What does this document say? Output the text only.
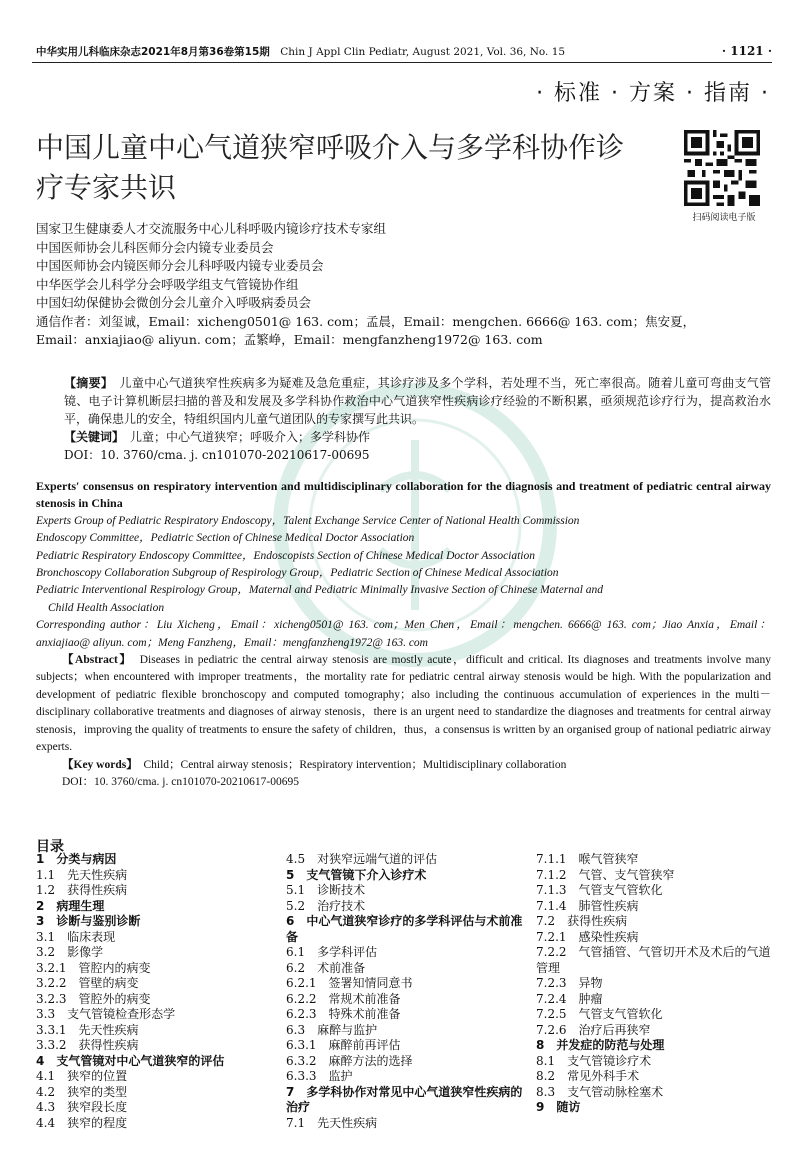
中华实用儿科临床杂志2021年8月第36卷第15期　 Chin J Appl Clin Pediatr, August 2021, Vol. 36, No. 15	· 1121 ·
· 标准 · 方案 · 指南 ·
中国儿童中心气道狭窄呼吸介入与多学科协作诊疗专家共识
扫码阅读电子版
国家卫生健康委人才交流服务中心儿科呼吸内镜诊疗技术专家组
中国医师协会儿科医师分会内镜专业委员会
中国医师协会内镜医师分会儿科呼吸内镜专业委员会
中华医学会儿科学分会呼吸学组支气管镜协作组
中国妇幼保健协会微创分会儿童介入呼吸病委员会
通信作者：刘玺诚，Email：xicheng0501@ 163. com；孟晨，Email：mengchen. 6666@ 163. com；焦安夏，
Email：anxiajiao@ aliyun. com；孟繁峥，Email：mengfanzheng1972@ 163. com
【摘要】　 儿童中心气道狭窄性疾病多为疑难及急危重症，其诊疗涉及多个学科，若处理不当，死亡率很高。随着儿童可弯曲支气管镜、电子计算机断层扫描的普及和发展及多学科协作救治中心气道狭窄性疾病诊疗经验的不断积累，亟须规范诊疗行为，提高救治水平，确保患儿的安全，特组织国内儿童气道团队的专家撰写此共识。
【关键词】　 儿童；中心气道狭窄；呼吸介入；多学科协作
DOI：10. 3760/cma. j. cn101070-20210617-00695
Experts′ consensus on respiratory intervention and multidisciplinary collaboration for the diagnosis and treatment of pediatric central airway stenosis in China
Experts Group of Pediatric Respiratory Endoscopy，Talent Exchange Service Center of National Health Commission
Endoscopy Committee，Pediatric Section of Chinese Medical Doctor Association
Pediatric Respiratory Endoscopy Committee，Endoscopists Section of Chinese Medical Doctor Association
Bronchoscopy Collaboration Subgroup of Respirology Group，Pediatric Section of Chinese Medical Association
Pediatric Interventional Respirology Group，Maternal and Pediatric Minimally Invasive Section of Chinese Maternal and
Child Health Association
Corresponding author：Liu Xicheng，Email：xicheng0501@ 163. com；Men Chen，Email：mengchen. 6666@ 163. com；Jiao Anxia，Email：anxiajiao@ aliyun. com；Meng Fanzheng，Email：mengfanzheng1972@ 163. com
【Abstract】　 Diseases in pediatric the central airway stenosis are mostly acute，difficult and critical. Its diagnoses and treatments involve many subjects；when encountered with improper treatments，the mortality rate for pediatric central airway stenosis would be high. With the popularization and development of pediatric flexible bronchoscopy and computed tomography；also including the continuous accumulation of experiences in the multi－disciplinary collaborative treatments and diagnoses of airway stenosis，there is an urgent need to standardize the diagnoses and treatments for central airway stenosis，improving the quality of treatments to ensure the safety of children，thus，a consensus is written by an organised group of national pediatric airway experts.
【Key words】　 Child；Central airway stenosis；Respiratory intervention；Multidisciplinary collaboration
DOI：10. 3760/cma. j. cn101070-20210617-00695
目录
1　分类与病因
1.1　先天性疾病
1.2　获得性疾病
2　病理生理
3　诊断与鉴别诊断
3.1　临床表现
3.2　影像学
3.2.1　管腔内的病变
3.2.2　管壁的病变
3.2.3　管腔外的病变
3.3　支气管镜检查形态学
3.3.1　先天性疾病
3.3.2　获得性疾病
4　支气管镜对中心气道狭窄的评估
4.1　狭窄的位置
4.2　狭窄的类型
4.3　狭窄段长度
4.4　狭窄的程度
4.5　对狭窄远端气道的评估
5　支气管镜下介入诊疗术
5.1　诊断技术
5.2　治疗技术
6　中心气道狭窄诊疗的多学科评估与术前准备
6.1　多学科评估
6.2　术前准备
6.2.1　签署知情同意书
6.2.2　常规术前准备
6.2.3　特殊术前准备
6.3　麻醉与监护
6.3.1　麻醉前再评估
6.3.2　麻醉方法的选择
6.3.3　监护
7　多学科协作对常见中心气道狭窄性疾病的治疗
7.1　先天性疾病
7.1.1　喉气管狭窄
7.1.2　气管、支气管狭窄
7.1.3　气管支气管软化
7.1.4　肺管性疾病
7.2　获得性疾病
7.2.1　感染性疾病
7.2.2　气管插管、气管切开术及术后的气道管理
7.2.3　异物
7.2.4　肿瘤
7.2.5　气管支气管软化
7.2.6　治疗后再狭窄
8　并发症的防范与处理
8.1　支气管镜诊疗术
8.2　常见外科手术
8.3　支气管动脉栓塞术
9　随访
